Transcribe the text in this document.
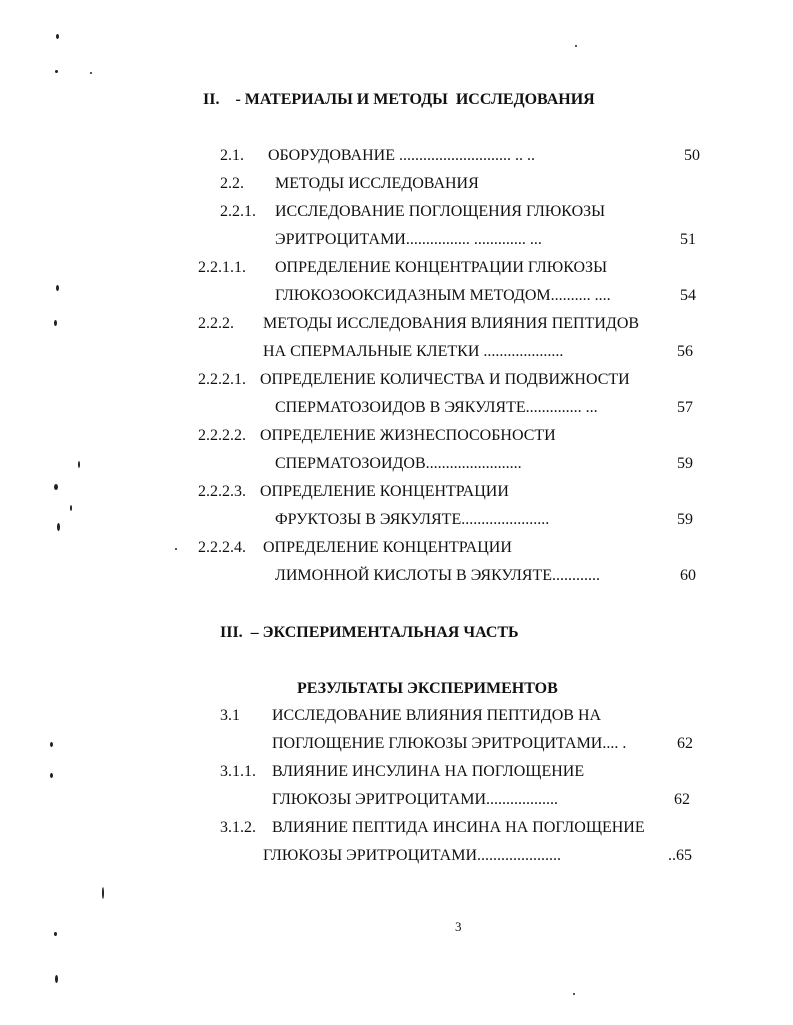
II.    - МАТЕРИАЛЫ И МЕТОДЫ  ИССЛЕДОВАНИЯ
2.1. ОБОРУДОВАНИЕ ............................ .. ..	50
2.2. МЕТОДЫ ИССЛЕДОВАНИЯ
2.2.1. ИССЛЕДОВАНИЕ ПОГЛОЩЕНИЯ ГЛЮКОЗЫ
ЭРИТРОЦИТАМИ................ ............. ...	51
2.2.1.1. ОПРЕДЕЛЕНИЕ КОНЦЕНТРАЦИИ ГЛЮКОЗЫ
ГЛЮКОЗООКСИДАЗНЫМ МЕТОДОМ.......... ....	54
2.2.2. МЕТОДЫ ИССЛЕДОВАНИЯ ВЛИЯНИЯ ПЕПТИДОВ
НА СПЕРМАЛЬНЫЕ КЛЕТКИ ....................	56
2.2.2.1. ОПРЕДЕЛЕНИЕ КОЛИЧЕСТВА И ПОДВИЖНОСТИ
СПЕРМАТОЗОИДОВ В ЭЯКУЛЯТЕ.............. ...	57
2.2.2.2. ОПРЕДЕЛЕНИЕ ЖИЗНЕСПОСОБНОСТИ
СПЕРМАТОЗОИДОВ........................	59
2.2.2.3. ОПРЕДЕЛЕНИЕ КОНЦЕНТРАЦИИ
ФРУКТОЗЫ В ЭЯКУЛЯТЕ......................	59
2.2.2.4. ОПРЕДЕЛЕНИЕ КОНЦЕНТРАЦИИ
ЛИМОННОЙ КИСЛОТЫ В ЭЯКУЛЯТЕ............	60
III.  – ЭКСПЕРИМЕНТАЛЬНАЯ ЧАСТЬ
РЕЗУЛЬТАТЫ ЭКСПЕРИМЕНТОВ
3.1 ИССЛЕДОВАНИЕ ВЛИЯНИЯ ПЕПТИДОВ НА
ПОГЛОЩЕНИЕ ГЛЮКОЗЫ ЭРИТРОЦИТАМИ.... .	62
3.1.1. ВЛИЯНИЕ ИНСУЛИНА НА ПОГЛОЩЕНИЕ
ГЛЮКОЗЫ ЭРИТРОЦИТАМИ..................	62
3.1.2. ВЛИЯНИЕ ПЕПТИДА ИНСИНА НА ПОГЛОЩЕНИЕ
ГЛЮКОЗЫ ЭРИТРОЦИТАМИ.....................	..65
3
